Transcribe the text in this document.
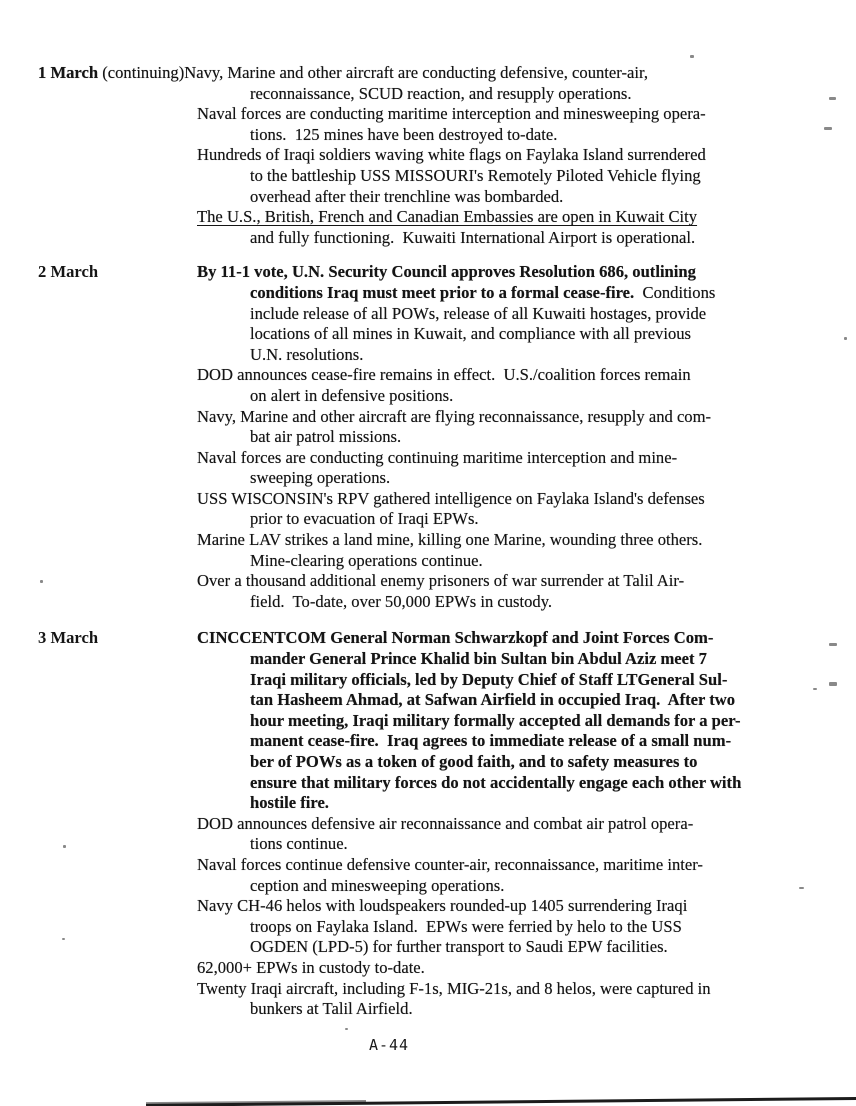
1 March (continuing)Navy, Marine and other aircraft are conducting defensive, counter-air,
reconnaissance, SCUD reaction, and resupply operations.
Naval forces are conducting maritime interception and minesweeping opera-
tions.  125 mines have been destroyed to-date.
Hundreds of Iraqi soldiers waving white flags on Faylaka Island surrendered
to the battleship USS MISSOURI's Remotely Piloted Vehicle flying
overhead after their trenchline was bombarded.
The U.S., British, French and Canadian Embassies are open in Kuwait City
and fully functioning.  Kuwaiti International Airport is operational.
2 March	By 11-1 vote, U.N. Security Council approves Resolution 686, outlining
conditions Iraq must meet prior to a formal cease-fire.  Conditions
include release of all POWs, release of all Kuwaiti hostages, provide
locations of all mines in Kuwait, and compliance with all previous
U.N. resolutions.
DOD announces cease-fire remains in effect.  U.S./coalition forces remain
on alert in defensive positions.
Navy, Marine and other aircraft are flying reconnaissance, resupply and com-
bat air patrol missions.
Naval forces are conducting continuing maritime interception and mine-
sweeping operations.
USS WISCONSIN's RPV gathered intelligence on Faylaka Island's defenses
prior to evacuation of Iraqi EPWs.
Marine LAV strikes a land mine, killing one Marine, wounding three others.
Mine-clearing operations continue.
Over a thousand additional enemy prisoners of war surrender at Talil Air-
field.  To-date, over 50,000 EPWs in custody.
3 March	CINCCENTCOM General Norman Schwarzkopf and Joint Forces Com-
mander General Prince Khalid bin Sultan bin Abdul Aziz meet 7
Iraqi military officials, led by Deputy Chief of Staff LTGeneral Sul-
tan Hasheem Ahmad, at Safwan Airfield in occupied Iraq.  After two
hour meeting, Iraqi military formally accepted all demands for a per-
manent cease-fire.  Iraq agrees to immediate release of a small num-
ber of POWs as a token of good faith, and to safety measures to
ensure that military forces do not accidentally engage each other with
hostile fire.
DOD announces defensive air reconnaissance and combat air patrol opera-
tions continue.
Naval forces continue defensive counter-air, reconnaissance, maritime inter-
ception and minesweeping operations.
Navy CH-46 helos with loudspeakers rounded-up 1405 surrendering Iraqi
troops on Faylaka Island.  EPWs were ferried by helo to the USS
OGDEN (LPD-5) for further transport to Saudi EPW facilities.
62,000+ EPWs in custody to-date.
Twenty Iraqi aircraft, including F-1s, MIG-21s, and 8 helos, were captured in
bunkers at Talil Airfield.
A-44
